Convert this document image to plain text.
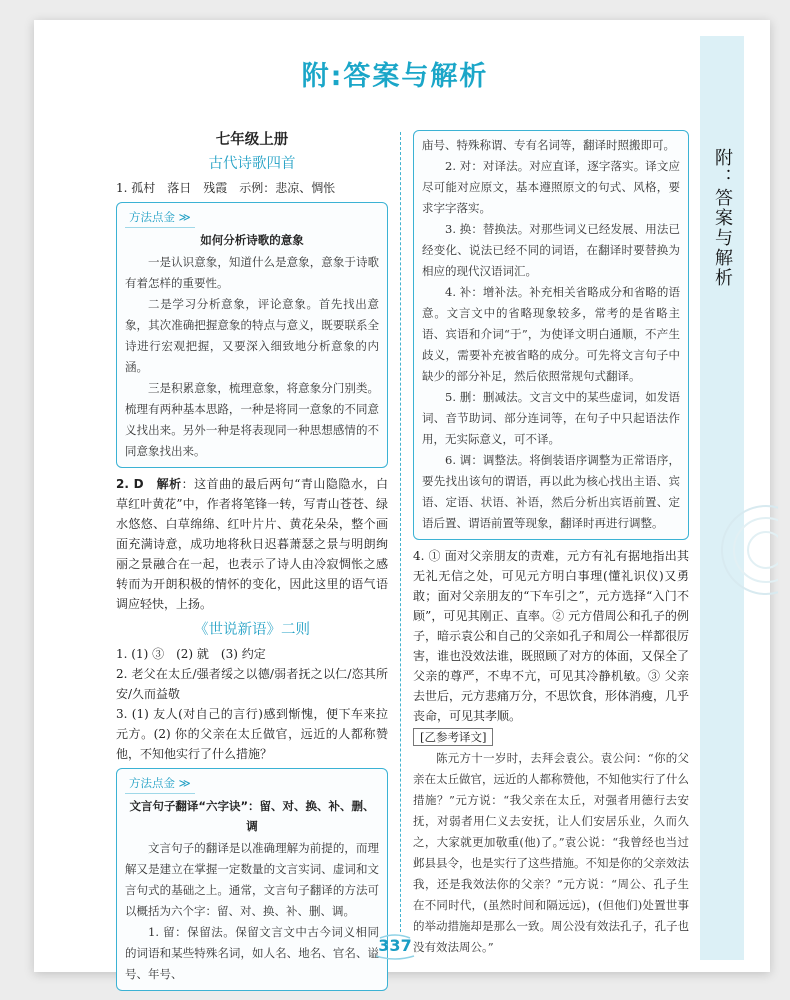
附：答案与解析
附:答案与解析
七年级上册
古代诗歌四首
1. 孤村　落日　残霞　示例：悲凉、惆怅
方法点金 ≫
如何分析诗歌的意象
一是认识意象，知道什么是意象，意象于诗歌有着怎样的重要性。
二是学习分析意象，评论意象。首先找出意象，其次准确把握意象的特点与意义，既要联系全诗进行宏观把握，又要深入细致地分析意象的内涵。
三是积累意象，梳理意象，将意象分门别类。梳理有两种基本思路，一种是将同一意象的不同意义找出来。另外一种是将表现同一种思想感情的不同意象找出来。
2. D　 解析：这首曲的最后两句“青山隐隐水，白草红叶黄花”中，作者将笔锋一转，写青山苍苍、绿水悠悠、白草绵绵、红叶片片、黄花朵朵，整个画面充满诗意，成功地将秋日迟暮萧瑟之景与明朗绚丽之景融合在一起，也表示了诗人由冷寂惆怅之感转而为开朗积极的情怀的变化，因此这里的语气语调应轻快，上扬。
《世说新语》二则
1. (1) ③　(2) 就　(3) 约定
2. 老父在太丘/强者绥之以德/弱者抚之以仁/恣其所安/久而益敬
3. (1) 友人(对自己的言行)感到惭愧，便下车来拉元方。(2) 你的父亲在太丘做官，远近的人都称赞他，不知他实行了什么措施？
方法点金 ≫
文言句子翻译“六字诀”：留、对、换、补、删、调
文言句子的翻译是以准确理解为前提的，而理解又是建立在掌握一定数量的文言实词、虚词和文言句式的基础之上。通常，文言句子翻译的方法可以概括为六个字：留、对、换、补、删、调。
1. 留：保留法。保留文言文中古今词义相同的词语和某些特殊名词，如人名、地名、官名、谥号、年号、
庙号、特殊称谓、专有名词等，翻译时照搬即可。
2. 对：对译法。对应直译，逐字落实。译文应尽可能对应原文，基本遵照原文的句式、风格，要求字字落实。
3. 换：替换法。对那些词义已经发展、用法已经变化、说法已经不同的词语，在翻译时要替换为相应的现代汉语词汇。
4. 补：增补法。补充相关省略成分和省略的语意。文言文中的省略现象较多，常考的是省略主语、宾语和介词“于”，为使译文明白通顺，不产生歧义，需要补充被省略的成分。可先将文言句子中缺少的部分补足，然后依照常规句式翻译。
5. 删：删减法。文言文中的某些虚词，如发语词、音节助词、部分连词等，在句子中只起语法作用，无实际意义，可不译。
6. 调：调整法。将倒装语序调整为正常语序，要先找出该句的谓语，再以此为核心找出主语、宾语、定语、状语、补语，然后分析出宾语前置、定语后置、谓语前置等现象，翻译时再进行调整。
4. ① 面对父亲朋友的责难，元方有礼有据地指出其无礼无信之处，可见元方明白事理(懂礼识仪)又勇敢；面对父亲朋友的“下车引之”，元方选择“入门不顾”，可见其刚正、直率。② 元方借周公和孔子的例子，暗示袁公和自己的父亲如孔子和周公一样都很厉害，谁也没效法谁，既照顾了对方的体面，又保全了父亲的尊严，不卑不亢，可见其冷静机敏。③ 父亲去世后，元方悲痛万分，不思饮食，形体消瘦，几乎丧命，可见其孝顺。
[乙参考译文]
陈元方十一岁时，去拜会袁公。袁公问：“你的父亲在太丘做官，远近的人都称赞他，不知他实行了什么措施？”元方说：“我父亲在太丘，对强者用德行去安抚，对弱者用仁义去安抚，让人们安居乐业，久而久之，大家就更加敬重(他)了。”袁公说：“我曾经也当过邺县县令，也是实行了这些措施。不知是你的父亲效法我，还是我效法你的父亲？”元方说：“周公、孔子生在不同时代，(虽然时间和隔远远)，(但他们)处置世事的举动措施却是那么一致。周公没有效法孔子，孔子也没有效法周公。”
337
